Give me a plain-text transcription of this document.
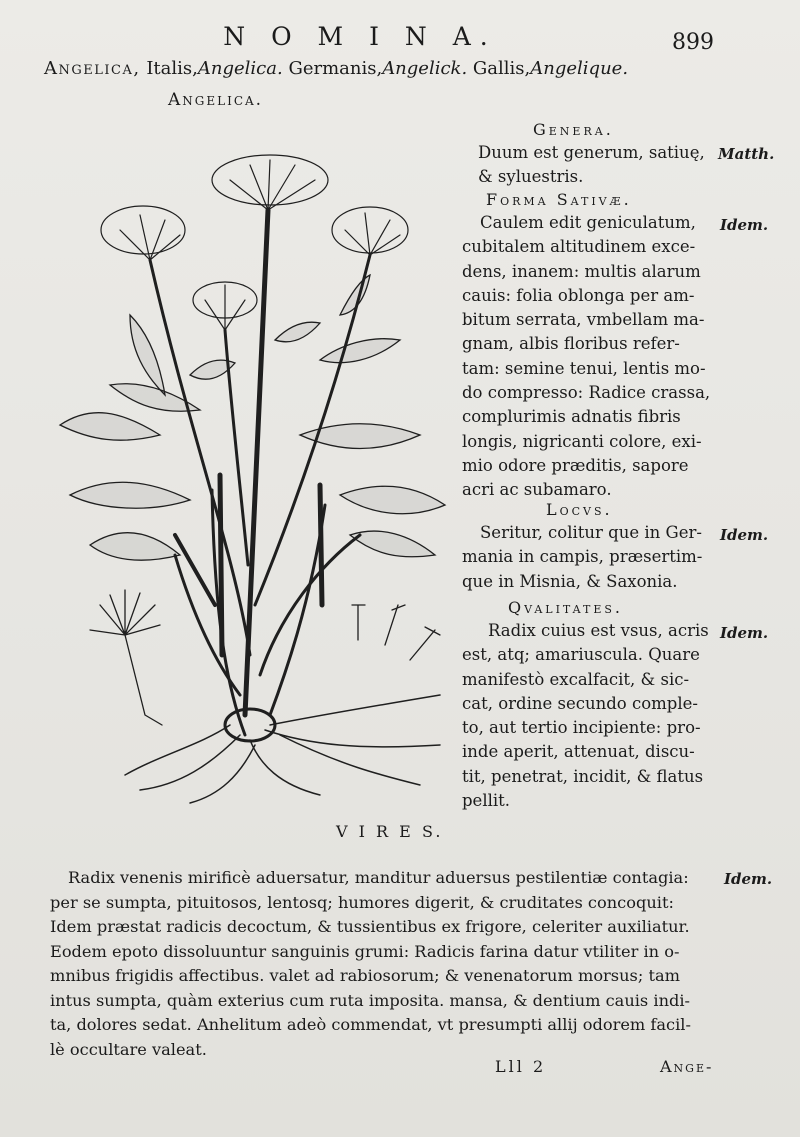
N O M I N A.	899
Angelica, Italis,Angelica. Germanis,Angelick. Gallis,Angelique.
Angelica.
Genera.
Duum est generum, satiuę,
& syluestris.
Matth.
Forma Sativæ.
Caulem edit geniculatum,
cubitalem altitudinem exce-
dens, inanem: multis alarum
cauis: folia oblonga per am-
bitum serrata, vmbellam ma-
gnam, albis floribus refer-
tam: semine tenui, lentis mo-
do compresso: Radice crassa,
complurimis adnatis fibris
longis, nigricanti colore, exi-
mio odore præditis, sapore
acri ac subamaro.
Idem.
Locvs.
Seritur, colitur que in Ger-
mania in campis, præsertim-
que in Misnia, & Saxonia.
Idem.
Qvalitates.
Radix cuius est vsus, acris
est, atq; amariuscula. Quare
manifestò excalfacit, & sic-
cat, ordine secundo comple-
to, aut tertio incipiente: pro-
inde aperit, attenuat, discu-
tit, penetrat, incidit, & flatus
pellit.
Idem.
V I R E S.
Radix venenis mirificè aduersatur, manditur aduersus pestilentiæ contagia:
per se sumpta, pituitosos, lentosq; humores digerit, & cruditates concoquit:
Idem præstat radicis decoctum, & tussientibus ex frigore, celeriter auxiliatur.
Eodem epoto dissoluuntur sanguinis grumi: Radicis farina datur vtiliter in o-
mnibus frigidis affectibus. valet ad rabiosorum; & venenatorum morsus; tam
intus sumpta, quàm exterius cum ruta imposita. mansa, & dentium cauis indi-
ta, dolores sedat. Anhelitum adeò commendat, vt presumpti allij odorem facil-
lè occultare valeat.
Idem.
Lll 2	Ange-
